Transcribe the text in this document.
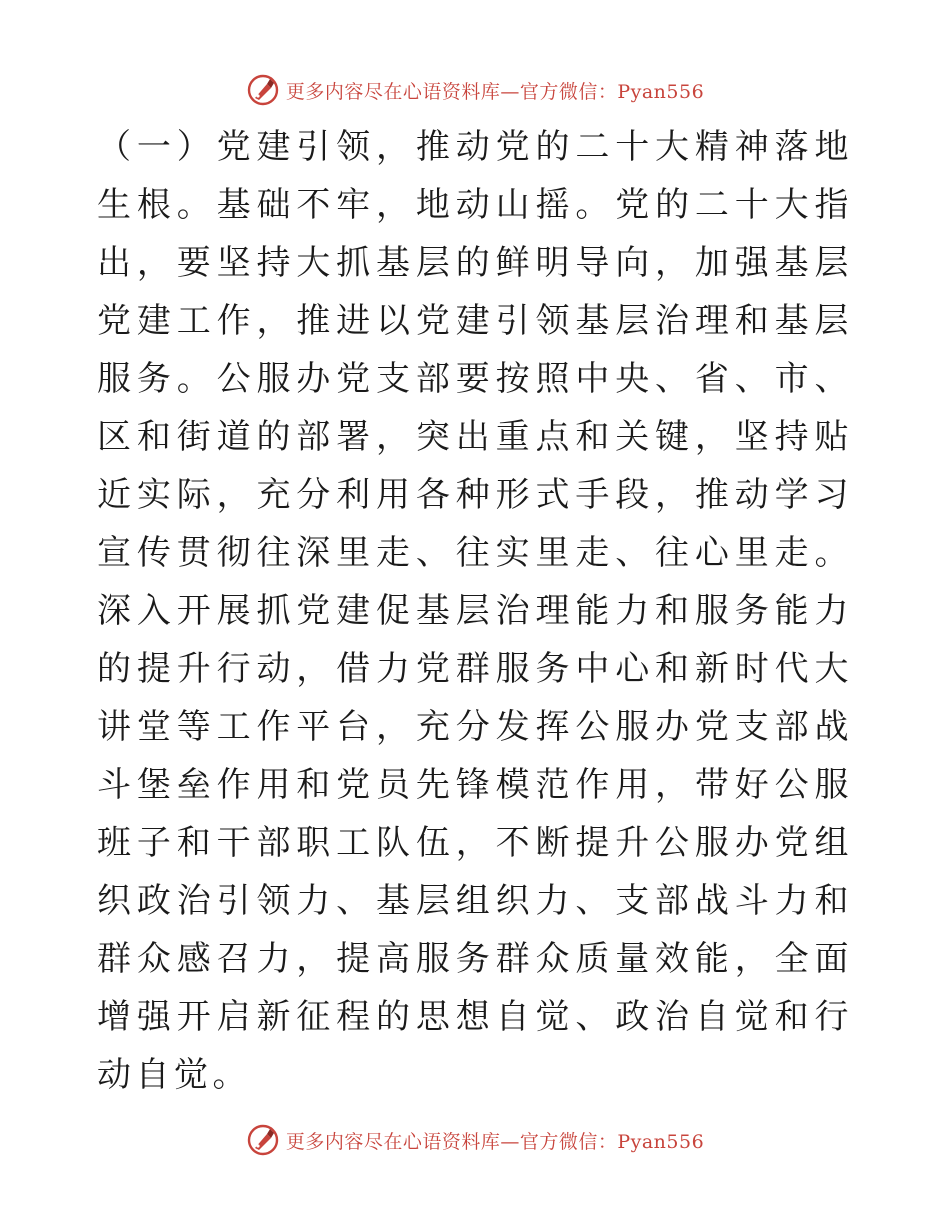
更多内容尽在心语资料库—官方微信：Pyan556

（一）党建引领，推动党的二十大精神落地生根。基础不牢，地动山摇。党的二十大指出，要坚持大抓基层的鲜明导向，加强基层党建工作，推进以党建引领基层治理和基层服务。公服办党支部要按照中央、省、市、区和街道的部署，突出重点和关键，坚持贴近实际，充分利用各种形式手段，推动学习宣传贯彻往深里走、往实里走、往心里走。深入开展抓党建促基层治理能力和服务能力的提升行动，借力党群服务中心和新时代大讲堂等工作平台，充分发挥公服办党支部战斗堡垒作用和党员先锋模范作用，带好公服班子和干部职工队伍，不断提升公服办党组织政治引领力、基层组织力、支部战斗力和群众感召力，提高服务群众质量效能，全面增强开启新征程的思想自觉、政治自觉和行动自觉。

更多内容尽在心语资料库—官方微信：Pyan556
